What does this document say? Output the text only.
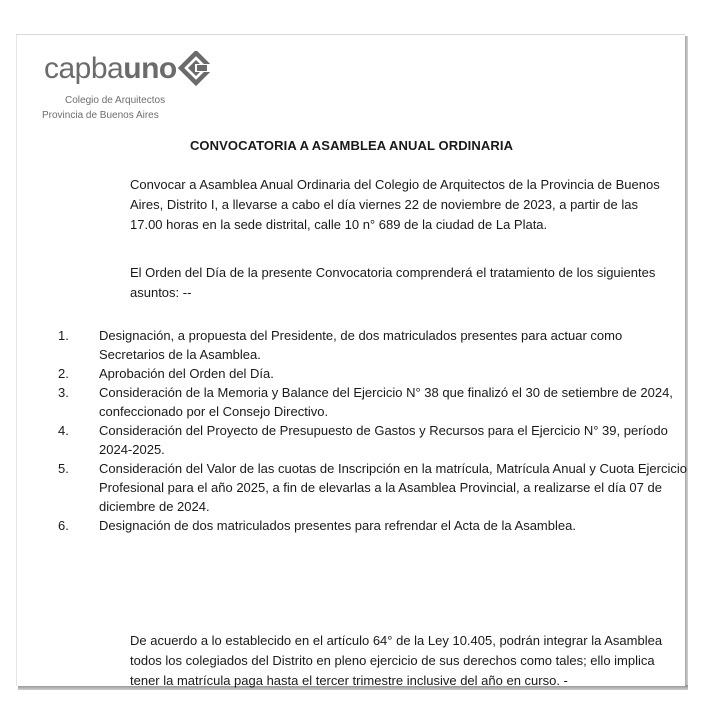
capbauno
Colegio de Arquitectos
Provincia de Buenos Aires
CONVOCATORIA A ASAMBLEA ANUAL ORDINARIA

Convocar a Asamblea Anual Ordinaria del Colegio de Arquitectos de la Provincia de Buenos Aires, Distrito I, a llevarse a cabo el día viernes 22 de noviembre de 2023, a partir de las 17.00 horas en la sede distrital, calle 10 n° 689 de la ciudad de La Plata.

El Orden del Día de la presente Convocatoria comprenderá el tratamiento de los siguientes asuntos: --

1.	Designación, a propuesta del Presidente, de dos matriculados presentes para actuar como Secretarios de la Asamblea.
2.	Aprobación del Orden del Día.
3.	Consideración de la Memoria y Balance del Ejercicio N° 38 que finalizó el 30 de setiembre de 2024, confeccionado por el Consejo Directivo.
4.	Consideración del Proyecto de Presupuesto de Gastos y Recursos para el Ejercicio N° 39, período 2024-2025.
5.	Consideración del Valor de las cuotas de Inscripción en la matrícula, Matrícula Anual y Cuota Ejercicio Profesional para el año 2025, a fin de elevarlas a la Asamblea Provincial, a realizarse el día 07 de diciembre de 2024.
6.	Designación de dos matriculados presentes para refrendar el Acta de la Asamblea.

De acuerdo a lo establecido en el artículo 64° de la Ley 10.405, podrán integrar la Asamblea todos los colegiados del Distrito en pleno ejercicio de sus derechos como tales; ello implica tener la matrícula paga hasta el tercer trimestre inclusive del año en curso. -
